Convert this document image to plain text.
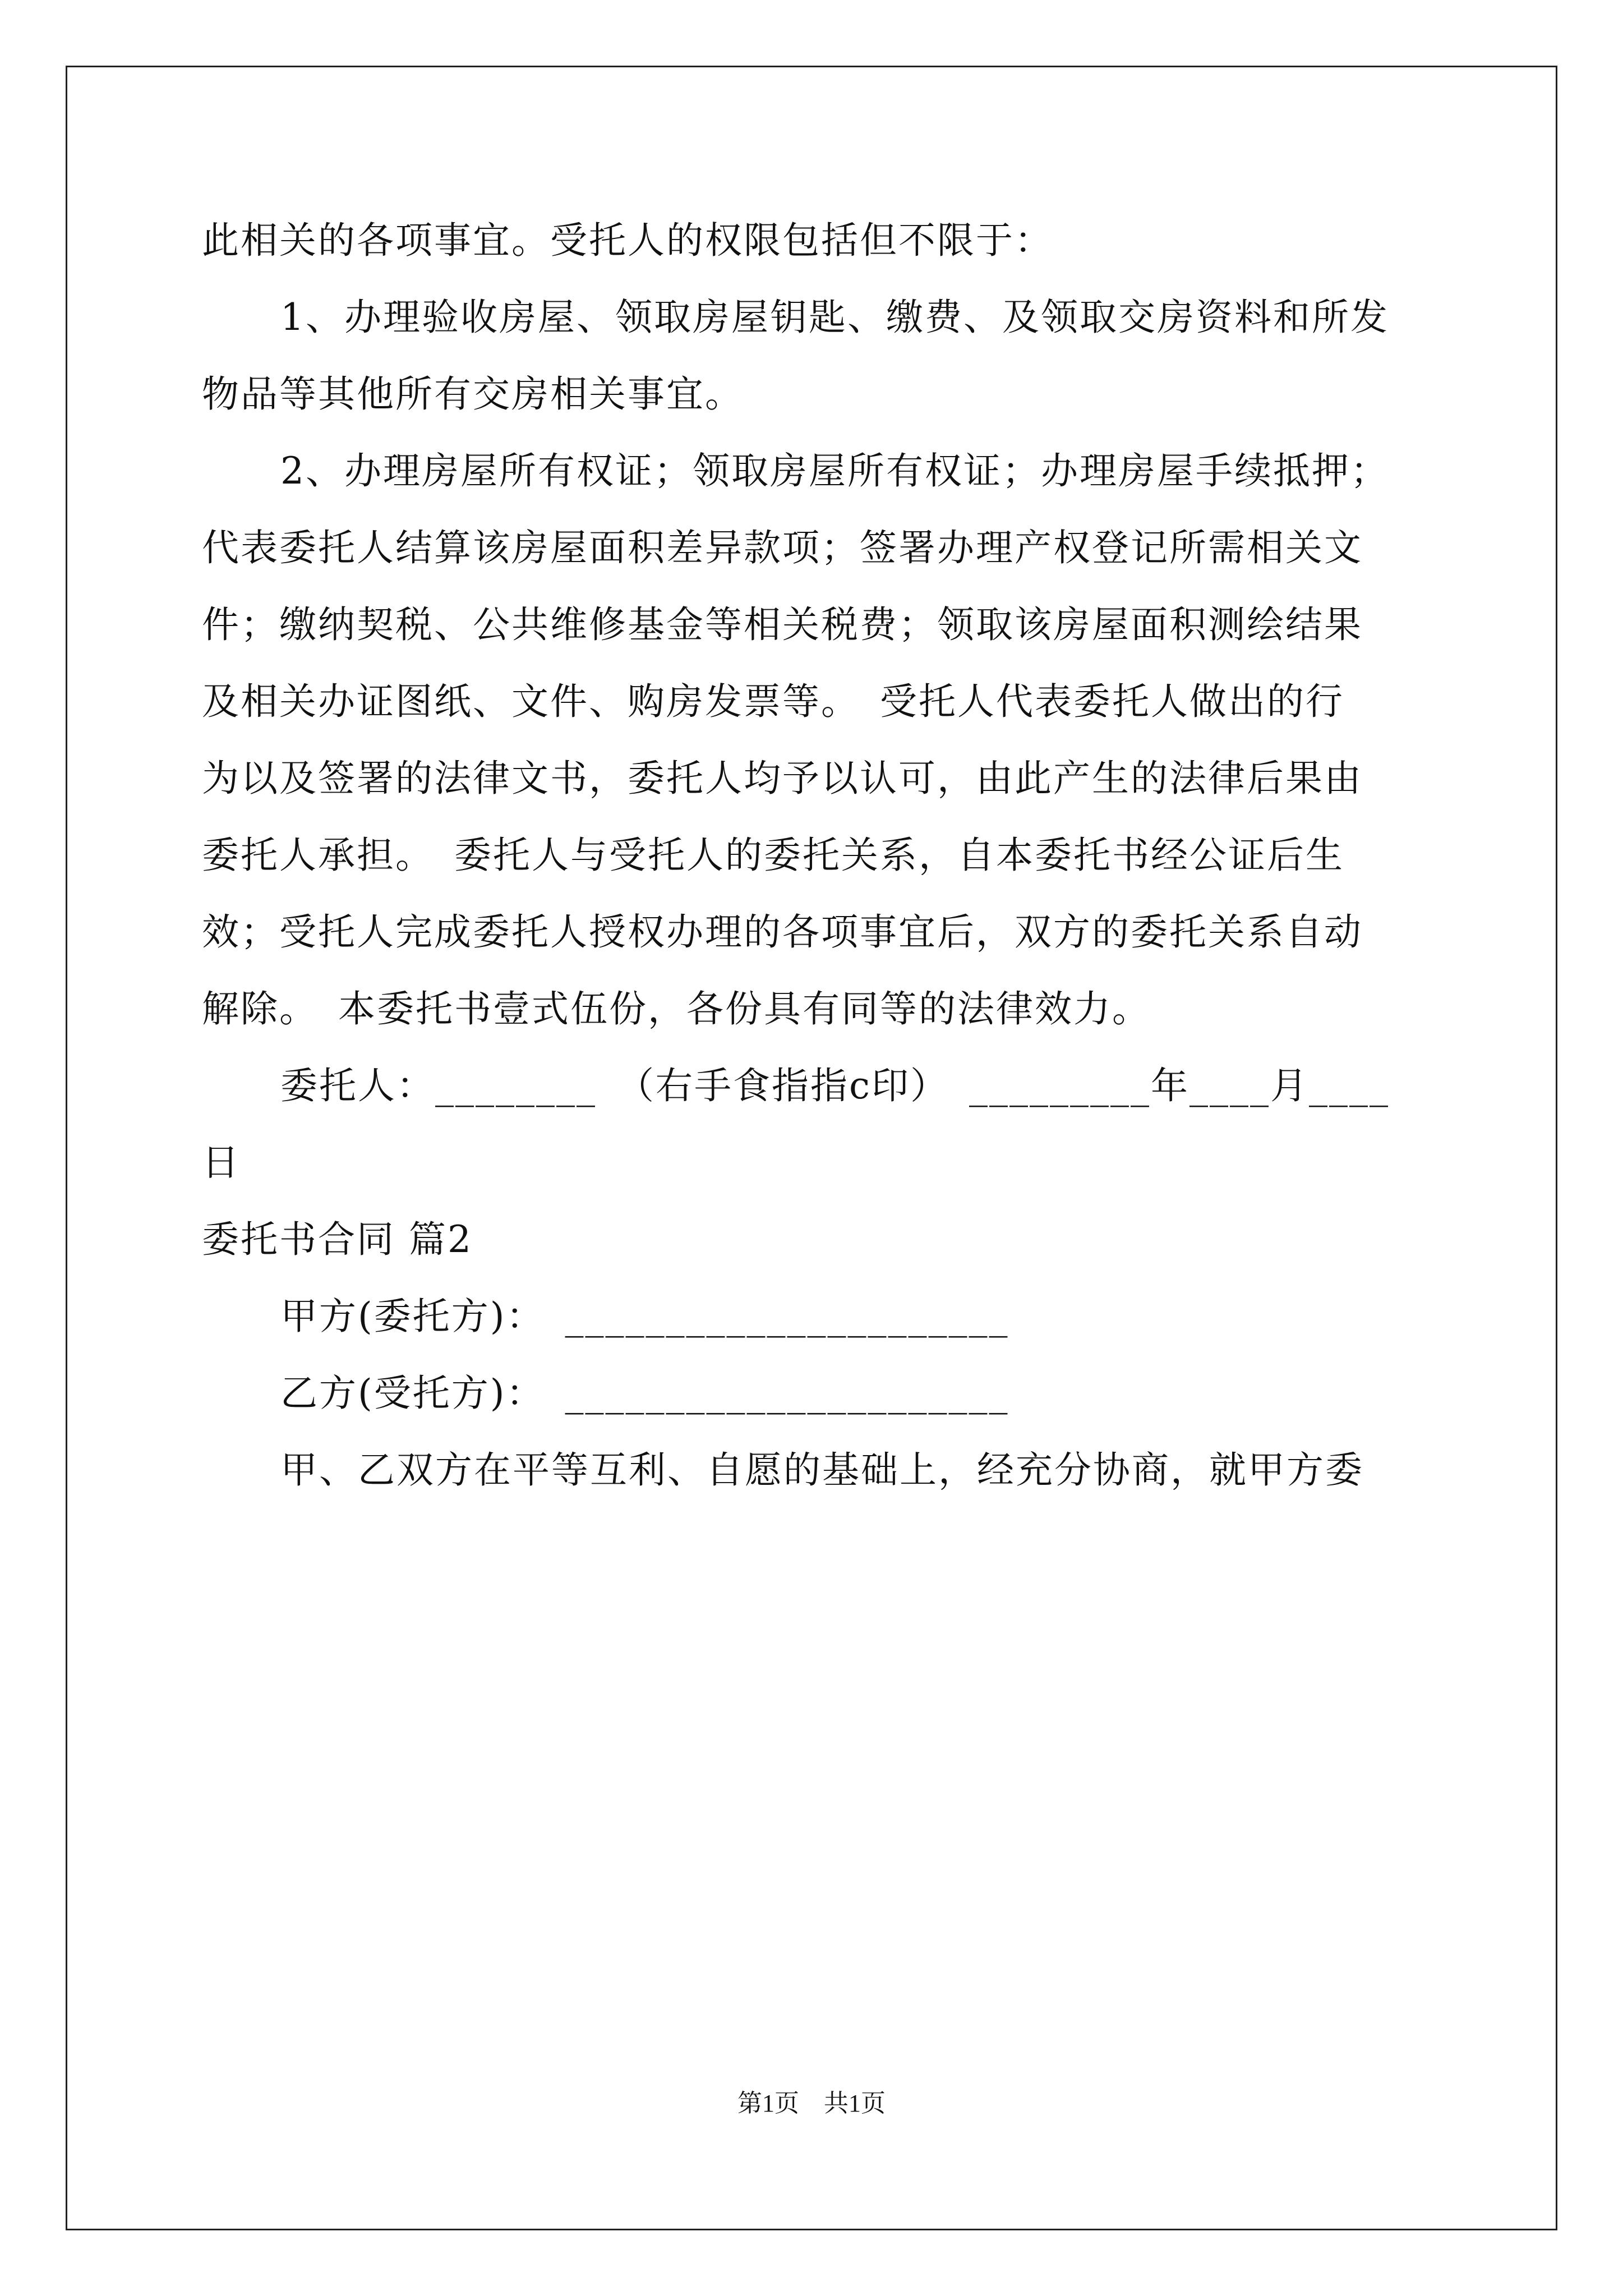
此相关的各项事宜。受托人的权限包括但不限于：
1、办理验收房屋、领取房屋钥匙、缴费、及领取交房资料和所发
物品等其他所有交房相关事宜。
2、办理房屋所有权证；领取房屋所有权证；办理房屋手续抵押；
代表委托人结算该房屋面积差异款项；签署办理产权登记所需相关文
件；缴纳契税、公共维修基金等相关税费；领取该房屋面积测绘结果
及相关办证图纸、文件、购房发票等。　受托人代表委托人做出的行
为以及签署的法律文书，委托人均予以认可，由此产生的法律后果由
委托人承担。　委托人与受托人的委托关系，自本委托书经公证后生
效；受托人完成委托人授权办理的各项事宜后，双方的委托关系自动
解除。　本委托书壹式伍份，各份具有同等的法律效力。
委托人：________　（右手食指指c印）　_________年____月____
日
委托书合同 篇2
甲方(委托方)：　______________________
乙方(受托方)：　______________________
甲、乙双方在平等互利、自愿的基础上，经充分协商，就甲方委
第1页 共1页
